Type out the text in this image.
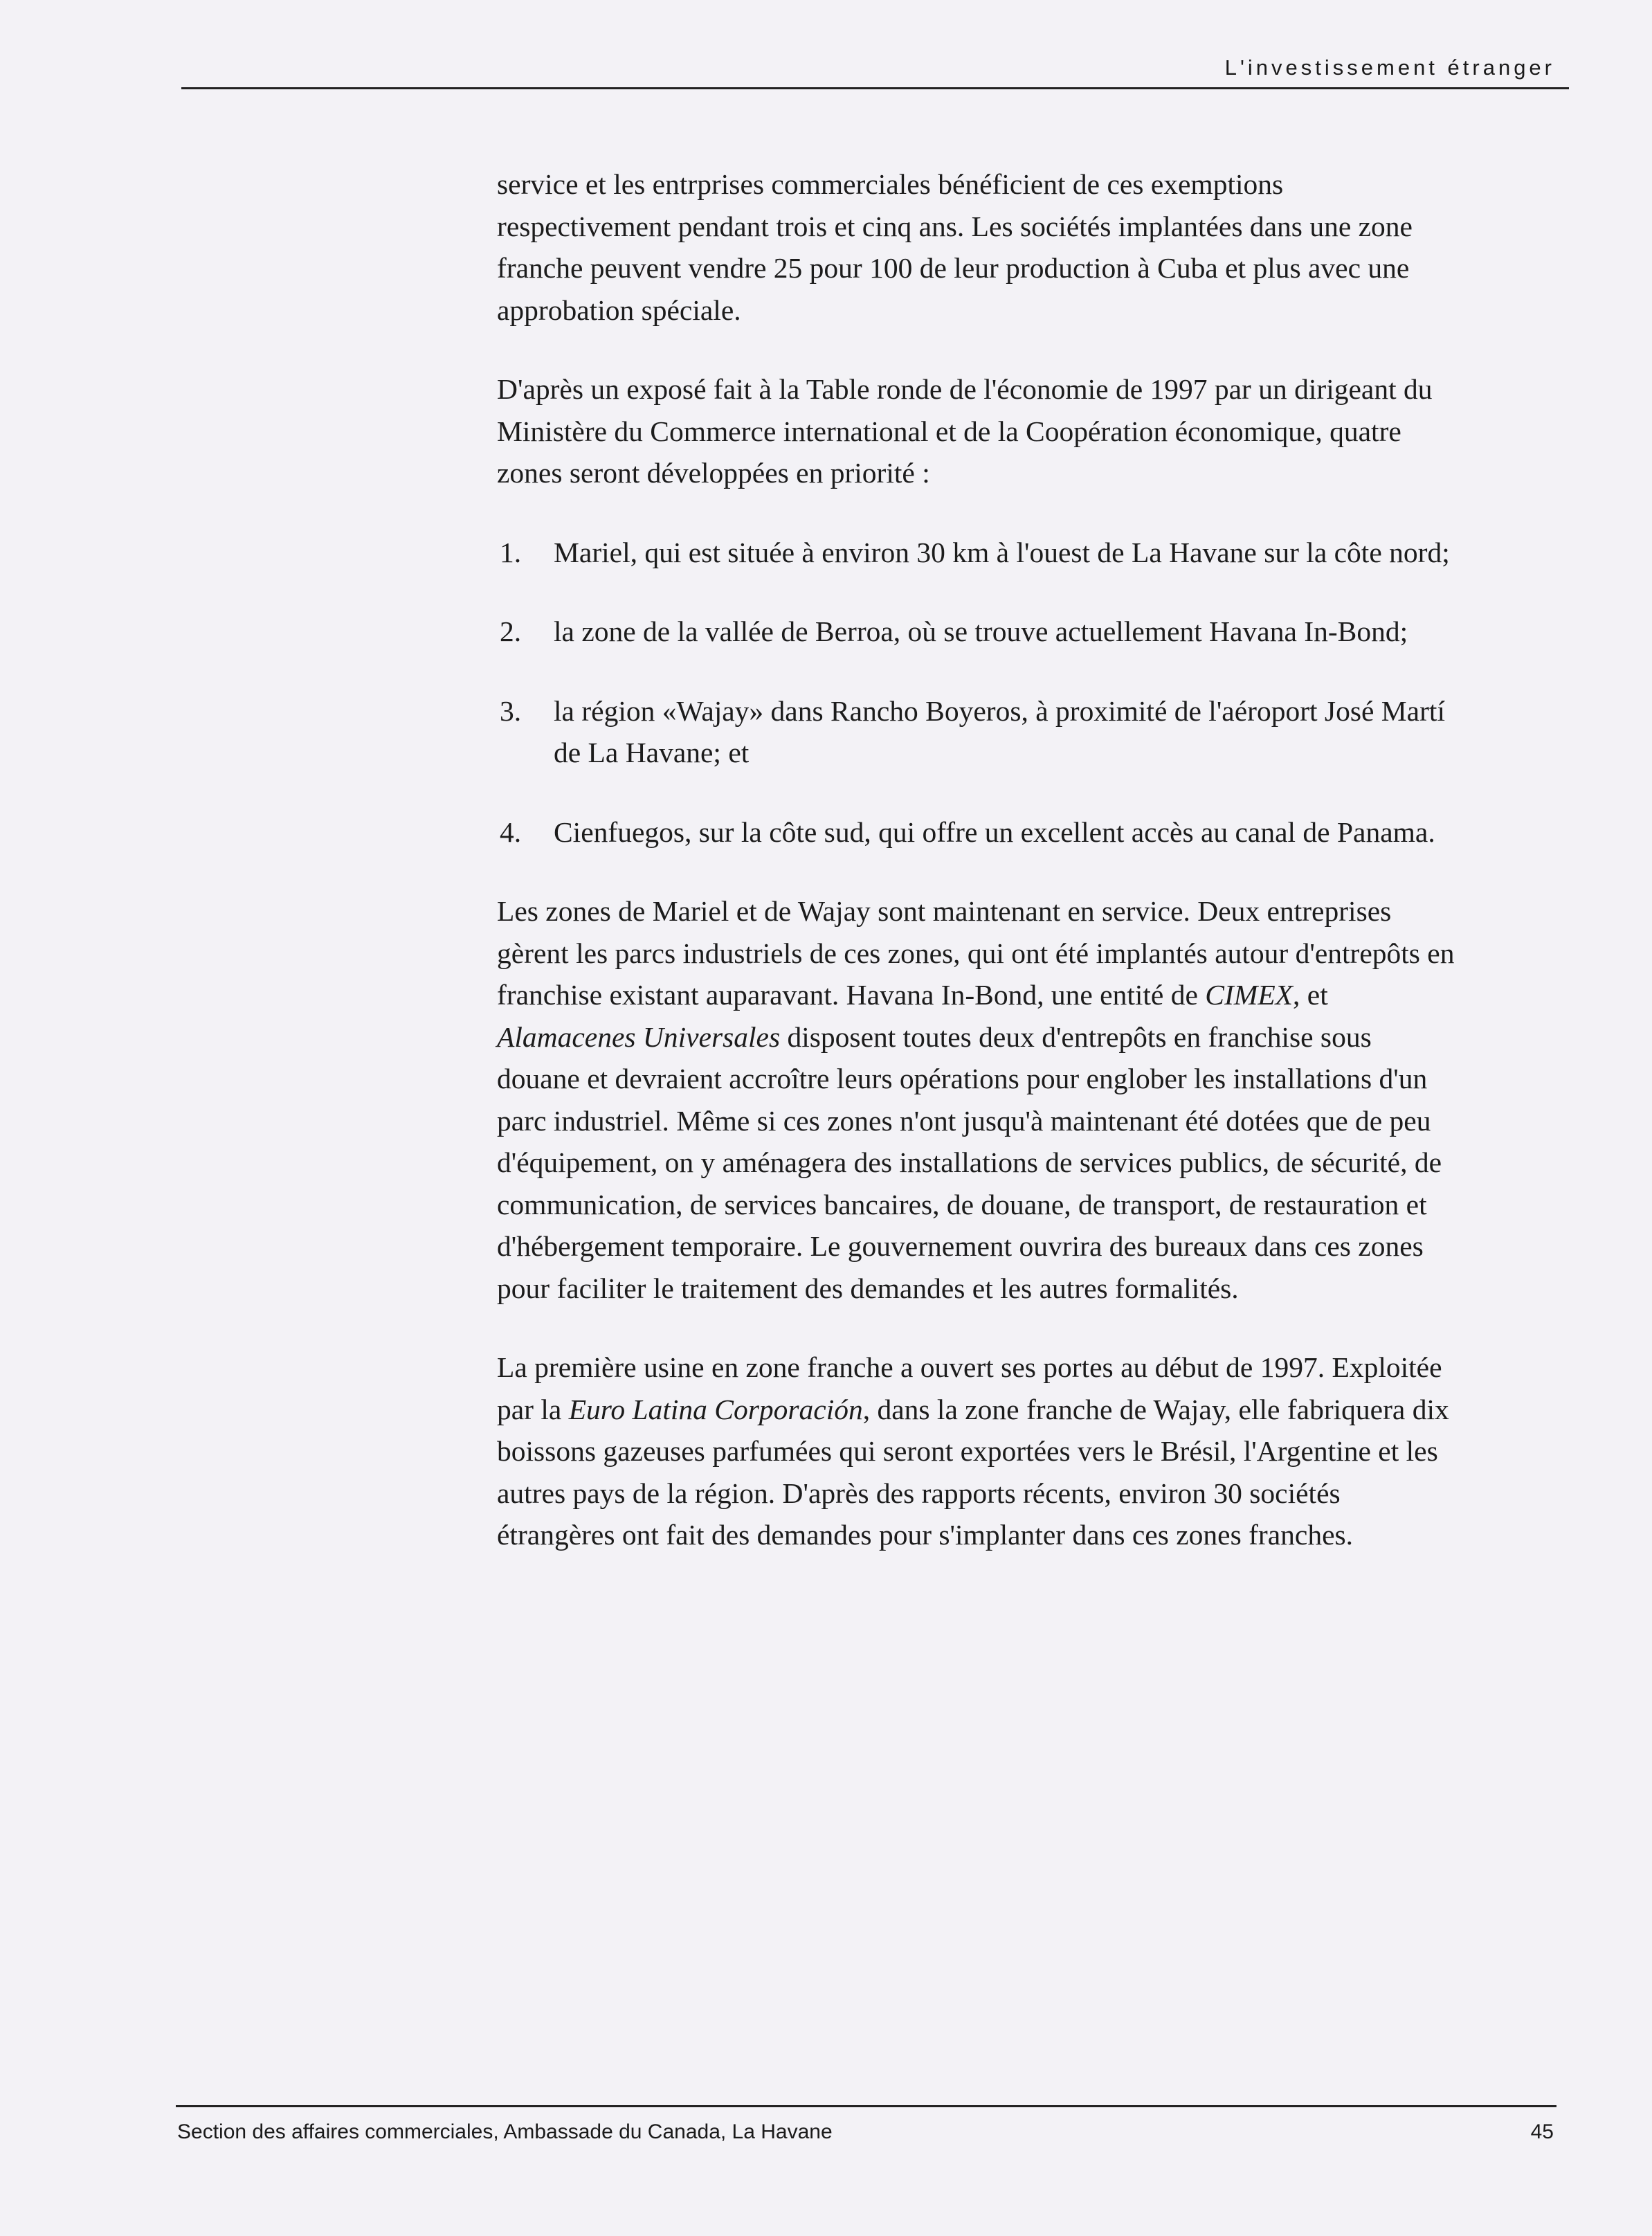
L'investissement étranger

service et les entrprises commerciales bénéficient de ces exemptions respectivement pendant trois et cinq ans. Les sociétés implantées dans une zone franche peuvent vendre 25 pour 100 de leur production à Cuba et plus avec une approbation spéciale.

D'après un exposé fait à la Table ronde de l'économie de 1997 par un dirigeant du Ministère du Commerce international et de la Coopération économique, quatre zones seront développées en priorité :

1. Mariel, qui est située à environ 30 km à l'ouest de La Havane sur la côte nord;
2. la zone de la vallée de Berroa, où se trouve actuellement Havana In-Bond;
3. la région «Wajay» dans Rancho Boyeros, à proximité de l'aéroport José Martí de La Havane; et
4. Cienfuegos, sur la côte sud, qui offre un excellent accès au canal de Panama.

Les zones de Mariel et de Wajay sont maintenant en service. Deux entreprises gèrent les parcs industriels de ces zones, qui ont été implantés autour d'entrepôts en franchise existant auparavant. Havana In-Bond, une entité de CIMEX, et Alamacenes Universales disposent toutes deux d'entrepôts en franchise sous douane et devraient accroître leurs opérations pour englober les installations d'un parc industriel. Même si ces zones n'ont jusqu'à maintenant été dotées que de peu d'équipement, on y aménagera des installations de services publics, de sécurité, de communication, de services bancaires, de douane, de transport, de restauration et d'hébergement temporaire. Le gouvernement ouvrira des bureaux dans ces zones pour faciliter le traitement des demandes et les autres formalités.

La première usine en zone franche a ouvert ses portes au début de 1997. Exploitée par la Euro Latina Corporación, dans la zone franche de Wajay, elle fabriquera dix boissons gazeuses parfumées qui seront exportées vers le Brésil, l'Argentine et les autres pays de la région. D'après des rapports récents, environ 30 sociétés étrangères ont fait des demandes pour s'implanter dans ces zones franches.

Section des affaires commerciales, Ambassade du Canada, La Havane	45
